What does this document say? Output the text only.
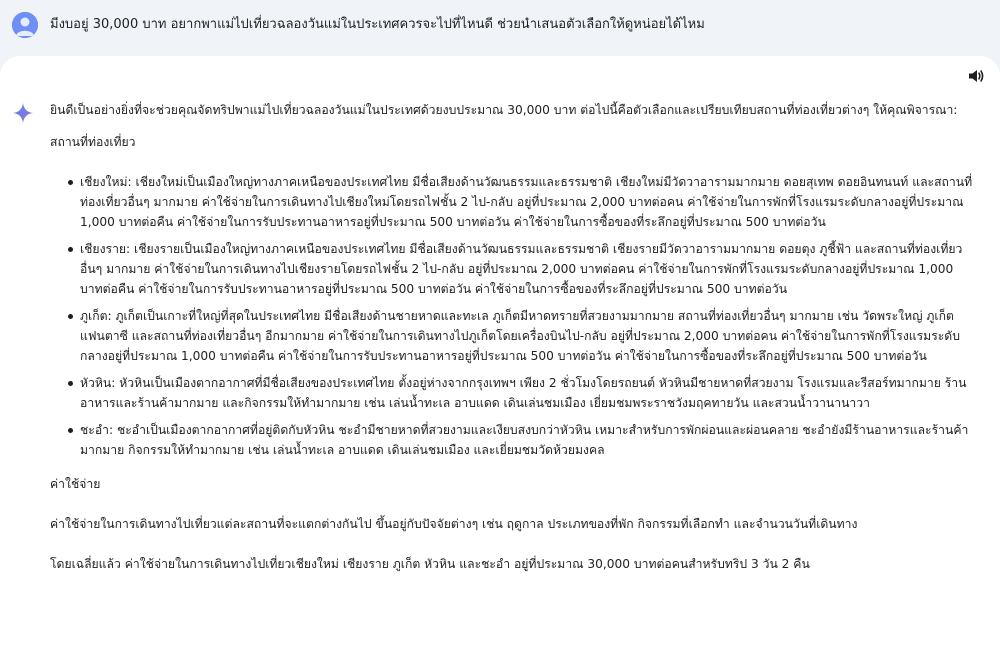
มีงบอยู่ 30,000 บาท อยากพาแม่ไปเที่ยวฉลองวันแม่ในประเทศควรจะไปที่ไหนดี ช่วยนำเสนอตัวเลือกให้ดูหน่อยได้ไหม

ยินดีเป็นอย่างยิ่งที่จะช่วยคุณจัดทริปพาแม่ไปเที่ยวฉลองวันแม่ในประเทศด้วยงบประมาณ 30,000 บาท ต่อไปนี้คือตัวเลือกและเปรียบเทียบสถานที่ท่องเที่ยวต่างๆ ให้คุณพิจารณา:

สถานที่ท่องเที่ยว

เชียงใหม่: เชียงใหม่เป็นเมืองใหญ่ทางภาคเหนือของประเทศไทย มีชื่อเสียงด้านวัฒนธรรมและธรรมชาติ เชียงใหม่มีวัดวาอารามมากมาย ดอยสุเทพ ดอยอินทนนท์ และสถานที่ท่องเที่ยวอื่นๆ มากมาย ค่าใช้จ่ายในการเดินทางไปเชียงใหม่โดยรถไฟชั้น 2 ไป-กลับ อยู่ที่ประมาณ 2,000 บาทต่อคน ค่าใช้จ่ายในการพักที่โรงแรมระดับกลางอยู่ที่ประมาณ 1,000 บาทต่อคืน ค่าใช้จ่ายในการรับประทานอาหารอยู่ที่ประมาณ 500 บาทต่อวัน ค่าใช้จ่ายในการซื้อของที่ระลึกอยู่ที่ประมาณ 500 บาทต่อวัน
เชียงราย: เชียงรายเป็นเมืองใหญ่ทางภาคเหนือของประเทศไทย มีชื่อเสียงด้านวัฒนธรรมและธรรมชาติ เชียงรายมีวัดวาอารามมากมาย ดอยตุง ภูชี้ฟ้า และสถานที่ท่องเที่ยวอื่นๆ มากมาย ค่าใช้จ่ายในการเดินทางไปเชียงรายโดยรถไฟชั้น 2 ไป-กลับ อยู่ที่ประมาณ 2,000 บาทต่อคน ค่าใช้จ่ายในการพักที่โรงแรมระดับกลางอยู่ที่ประมาณ 1,000 บาทต่อคืน ค่าใช้จ่ายในการรับประทานอาหารอยู่ที่ประมาณ 500 บาทต่อวัน ค่าใช้จ่ายในการซื้อของที่ระลึกอยู่ที่ประมาณ 500 บาทต่อวัน
ภูเก็ต: ภูเก็ตเป็นเกาะที่ใหญ่ที่สุดในประเทศไทย มีชื่อเสียงด้านชายหาดและทะเล ภูเก็ตมีหาดทรายที่สวยงามมากมาย สถานที่ท่องเที่ยวอื่นๆ มากมาย เช่น วัดพระใหญ่ ภูเก็ตแฟนตาซี และสถานที่ท่องเที่ยวอื่นๆ อีกมากมาย ค่าใช้จ่ายในการเดินทางไปภูเก็ตโดยเครื่องบินไป-กลับ อยู่ที่ประมาณ 2,000 บาทต่อคน ค่าใช้จ่ายในการพักที่โรงแรมระดับกลางอยู่ที่ประมาณ 1,000 บาทต่อคืน ค่าใช้จ่ายในการรับประทานอาหารอยู่ที่ประมาณ 500 บาทต่อวัน ค่าใช้จ่ายในการซื้อของที่ระลึกอยู่ที่ประมาณ 500 บาทต่อวัน
หัวหิน: หัวหินเป็นเมืองตากอากาศที่มีชื่อเสียงของประเทศไทย ตั้งอยู่ห่างจากกรุงเทพฯ เพียง 2 ชั่วโมงโดยรถยนต์ หัวหินมีชายหาดที่สวยงาม โรงแรมและรีสอร์ทมากมาย ร้านอาหารและร้านค้ามากมาย และกิจกรรมให้ทำมากมาย เช่น เล่นน้ำทะเล อาบแดด เดินเล่นชมเมือง เยี่ยมชมพระราชวังมฤคทายวัน และสวนน้ำวานานาวา
ชะอำ: ชะอำเป็นเมืองตากอากาศที่อยู่ติดกับหัวหิน ชะอำมีชายหาดที่สวยงามและเงียบสงบกว่าหัวหิน เหมาะสำหรับการพักผ่อนและผ่อนคลาย ชะอำยังมีร้านอาหารและร้านค้ามากมาย กิจกรรมให้ทำมากมาย เช่น เล่นน้ำทะเล อาบแดด เดินเล่นชมเมือง และเยี่ยมชมวัดห้วยมงคล

ค่าใช้จ่าย

ค่าใช้จ่ายในการเดินทางไปเที่ยวแต่ละสถานที่จะแตกต่างกันไป ขึ้นอยู่กับปัจจัยต่างๆ เช่น ฤดูกาล ประเภทของที่พัก กิจกรรมที่เลือกทำ และจำนวนวันที่เดินทาง

โดยเฉลี่ยแล้ว ค่าใช้จ่ายในการเดินทางไปเที่ยวเชียงใหม่ เชียงราย ภูเก็ต หัวหิน และชะอำ อยู่ที่ประมาณ 30,000 บาทต่อคนสำหรับทริป 3 วัน 2 คืน
